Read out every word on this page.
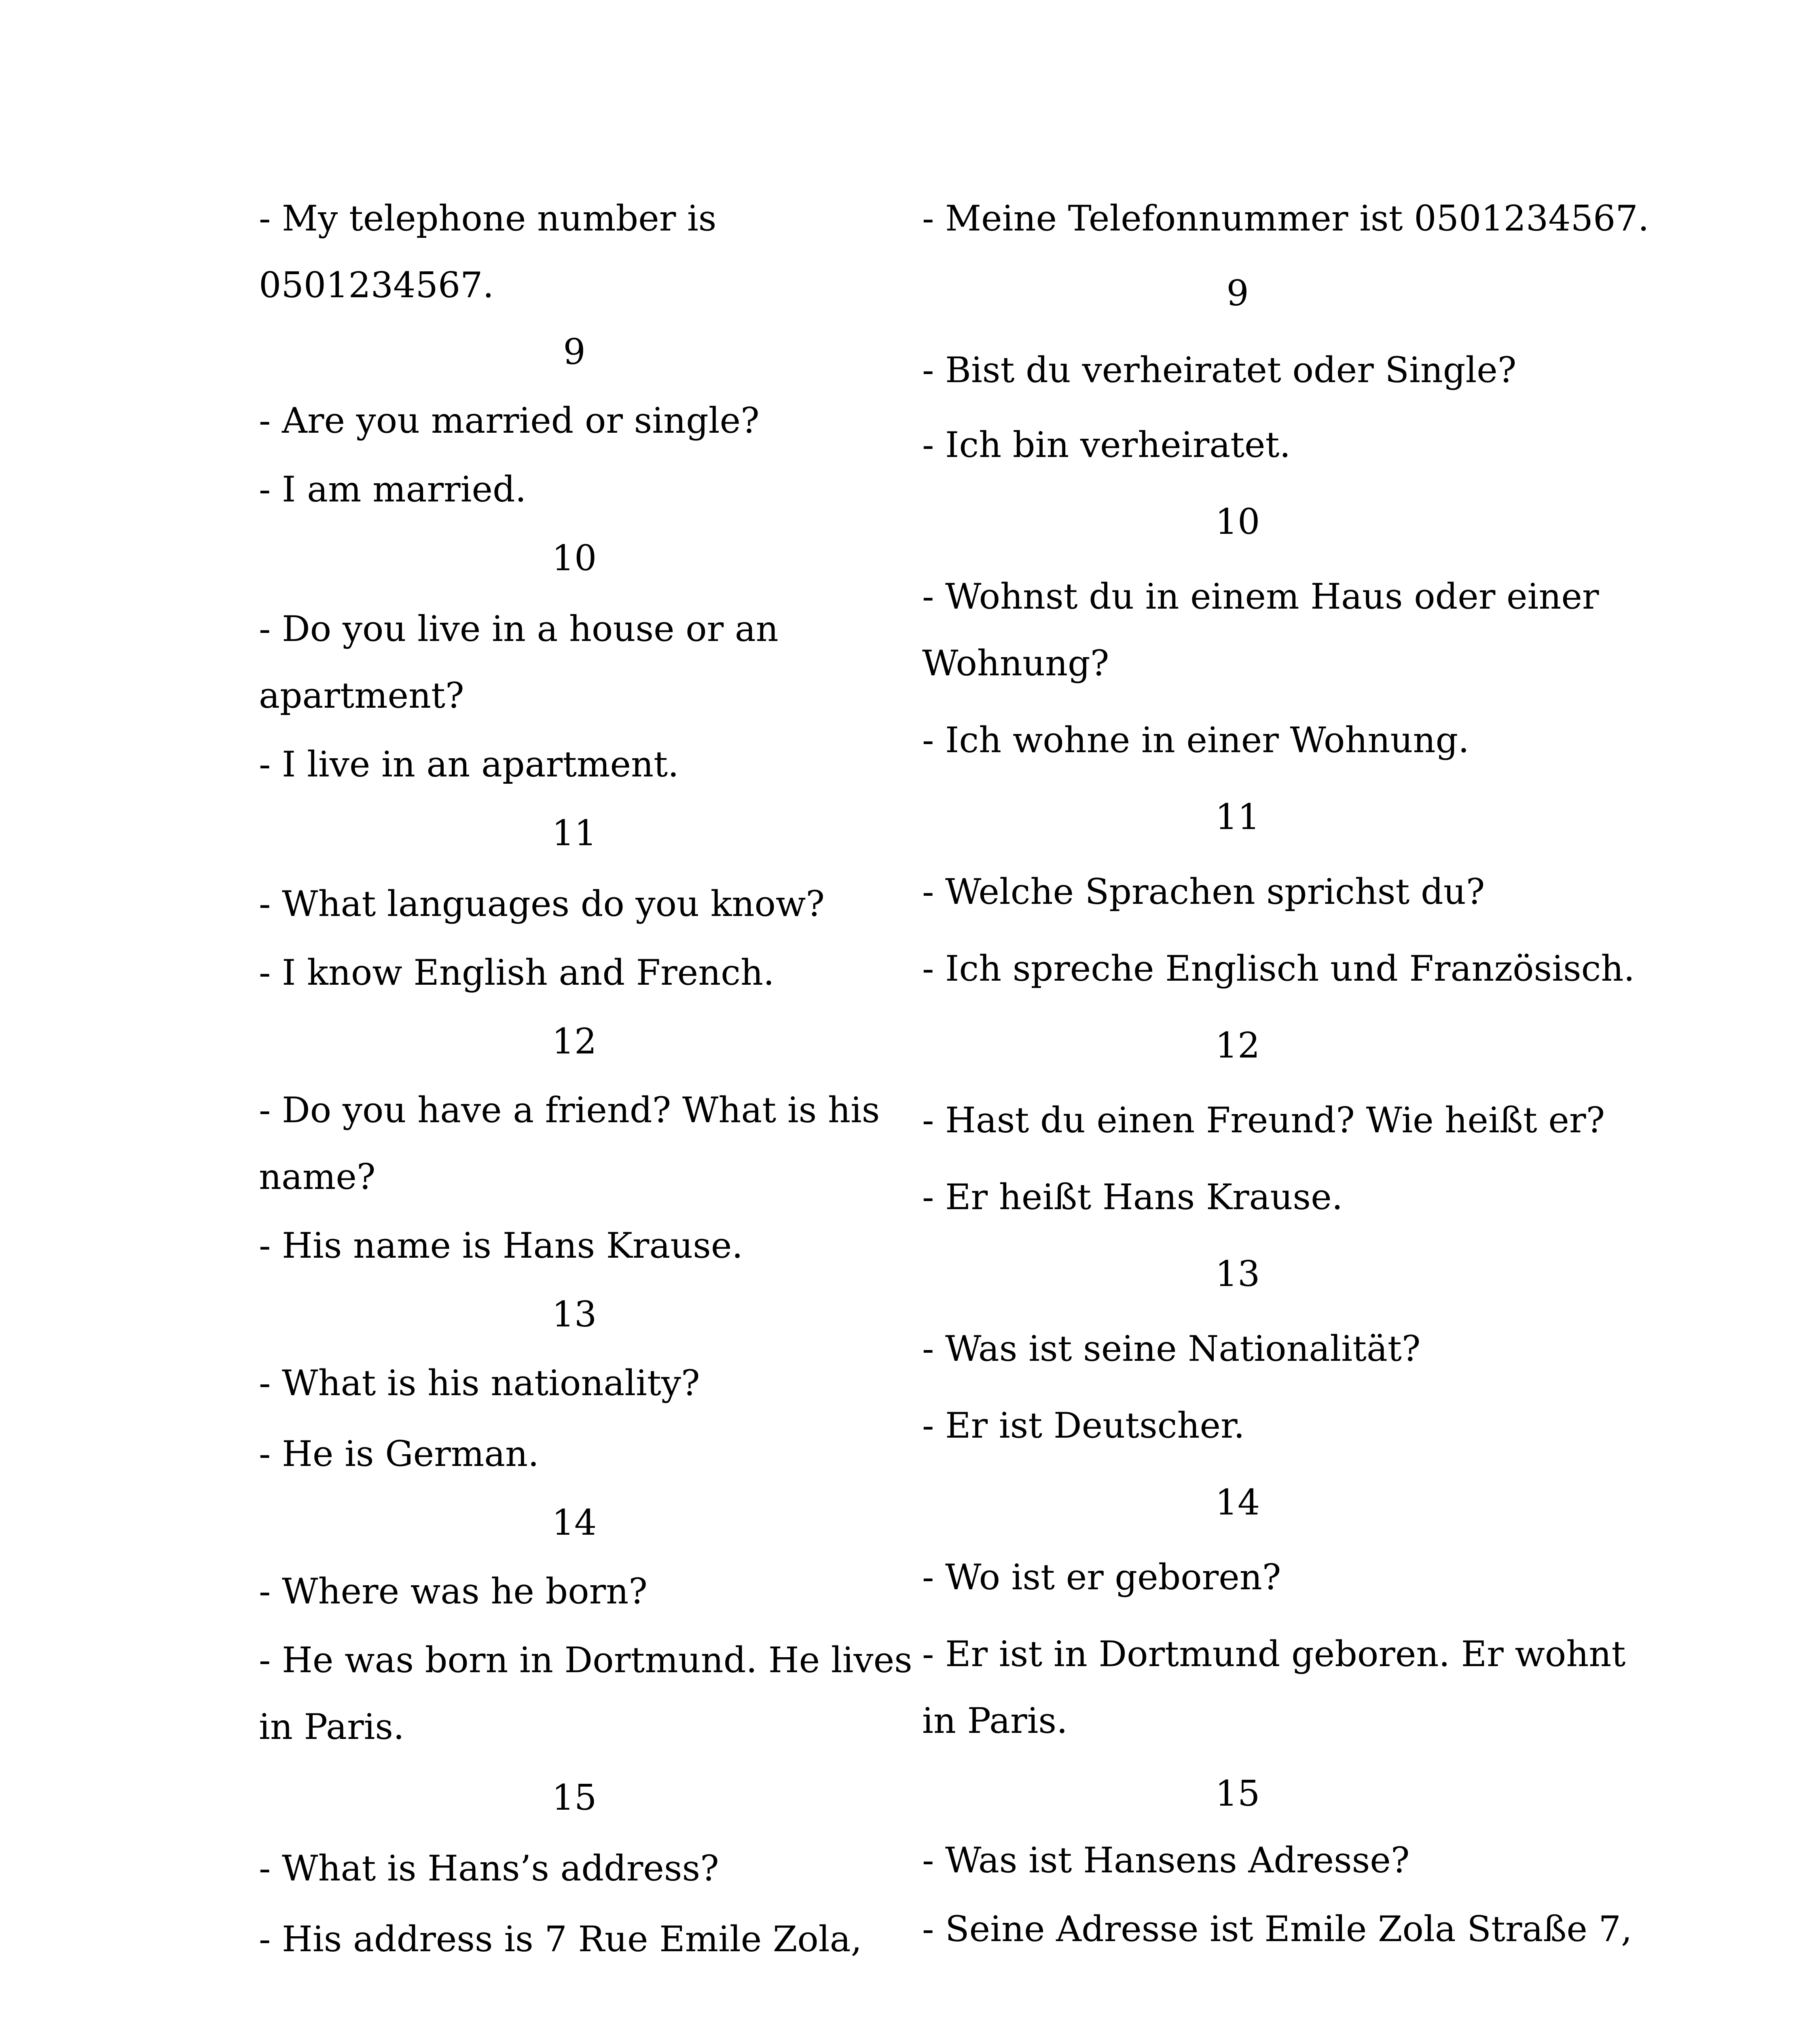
- My telephone number is
0501234567.
9
- Are you married or single?
- I am married.
10
- Do you live in a house or an
apartment?
- I live in an apartment.
11
- What languages do you know?
- I know English and French.
12
- Do you have a friend? What is his
name?
- His name is Hans Krause.
13
- What is his nationality?
- He is German.
14
- Where was he born?
- He was born in Dortmund. He lives
in Paris.
15
- What is Hans’s address?
- His address is 7 Rue Emile Zola,
- Meine Telefonnummer ist 0501234567.
9
- Bist du verheiratet oder Single?
- Ich bin verheiratet.
10
- Wohnst du in einem Haus oder einer
Wohnung?
- Ich wohne in einer Wohnung.
11
- Welche Sprachen sprichst du?
- Ich spreche Englisch und Französisch.
12
- Hast du einen Freund? Wie heißt er?
- Er heißt Hans Krause.
13
- Was ist seine Nationalität?
- Er ist Deutscher.
14
- Wo ist er geboren?
- Er ist in Dortmund geboren. Er wohnt
in Paris.
15
- Was ist Hansens Adresse?
- Seine Adresse ist Emile Zola Straße 7,
